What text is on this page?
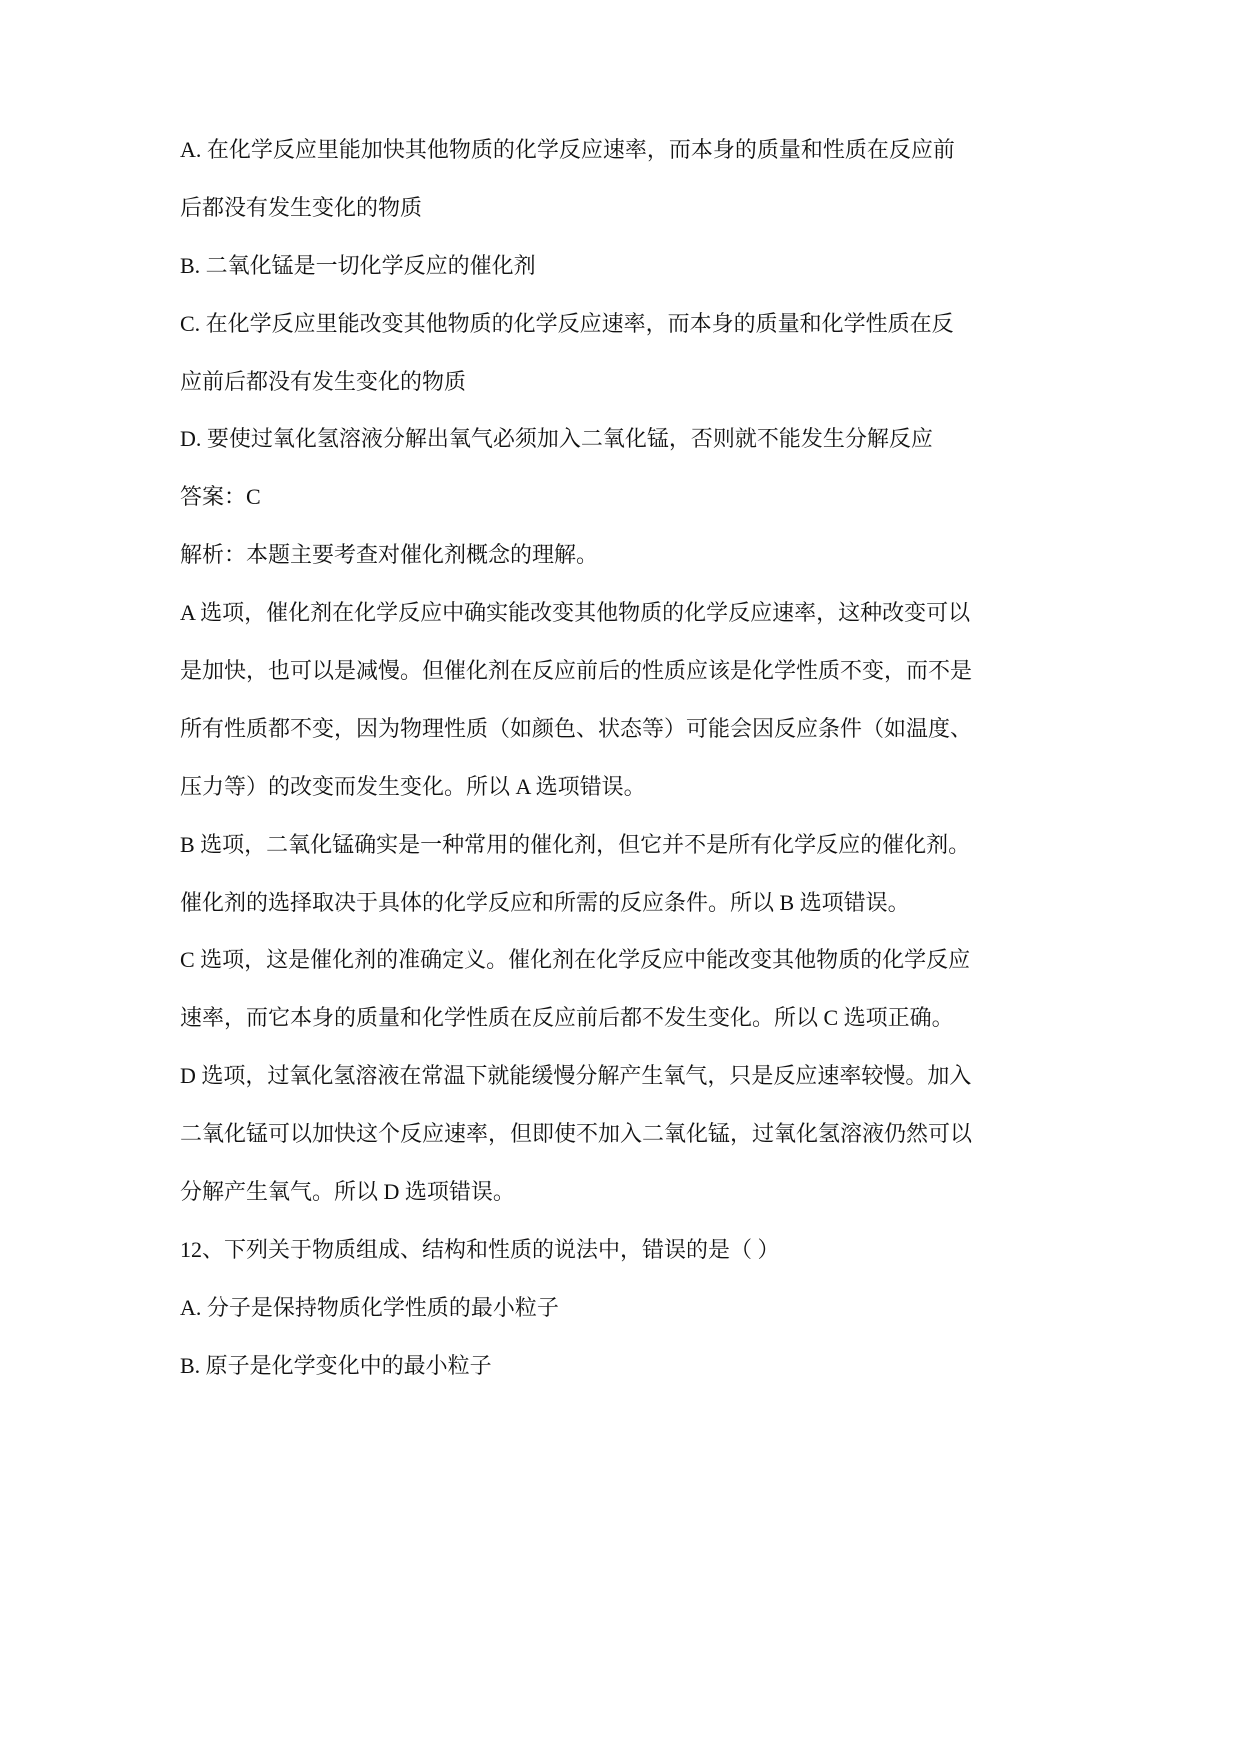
A. 在化学反应里能加快其他物质的化学反应速率，而本身的质量和性质在反应前
后都没有发生变化的物质
B. 二氧化锰是一切化学反应的催化剂
C. 在化学反应里能改变其他物质的化学反应速率，而本身的质量和化学性质在反
应前后都没有发生变化的物质
D. 要使过氧化氢溶液分解出氧气必须加入二氧化锰，否则就不能发生分解反应
答案：C
解析：本题主要考查对催化剂概念的理解。
A 选项，催化剂在化学反应中确实能改变其他物质的化学反应速率，这种改变可以
是加快，也可以是减慢。但催化剂在反应前后的性质应该是化学性质不变，而不是
所有性质都不变，因为物理性质（如颜色、状态等）可能会因反应条件（如温度、
压力等）的改变而发生变化。所以 A 选项错误。
B 选项，二氧化锰确实是一种常用的催化剂，但它并不是所有化学反应的催化剂。
催化剂的选择取决于具体的化学反应和所需的反应条件。所以 B 选项错误。
C 选项，这是催化剂的准确定义。催化剂在化学反应中能改变其他物质的化学反应
速率，而它本身的质量和化学性质在反应前后都不发生变化。所以 C 选项正确。
D 选项，过氧化氢溶液在常温下就能缓慢分解产生氧气，只是反应速率较慢。加入
二氧化锰可以加快这个反应速率，但即使不加入二氧化锰，过氧化氢溶液仍然可以
分解产生氧气。所以 D 选项错误。
12、下列关于物质组成、结构和性质的说法中，错误的是（ ）
A. 分子是保持物质化学性质的最小粒子
B. 原子是化学变化中的最小粒子
